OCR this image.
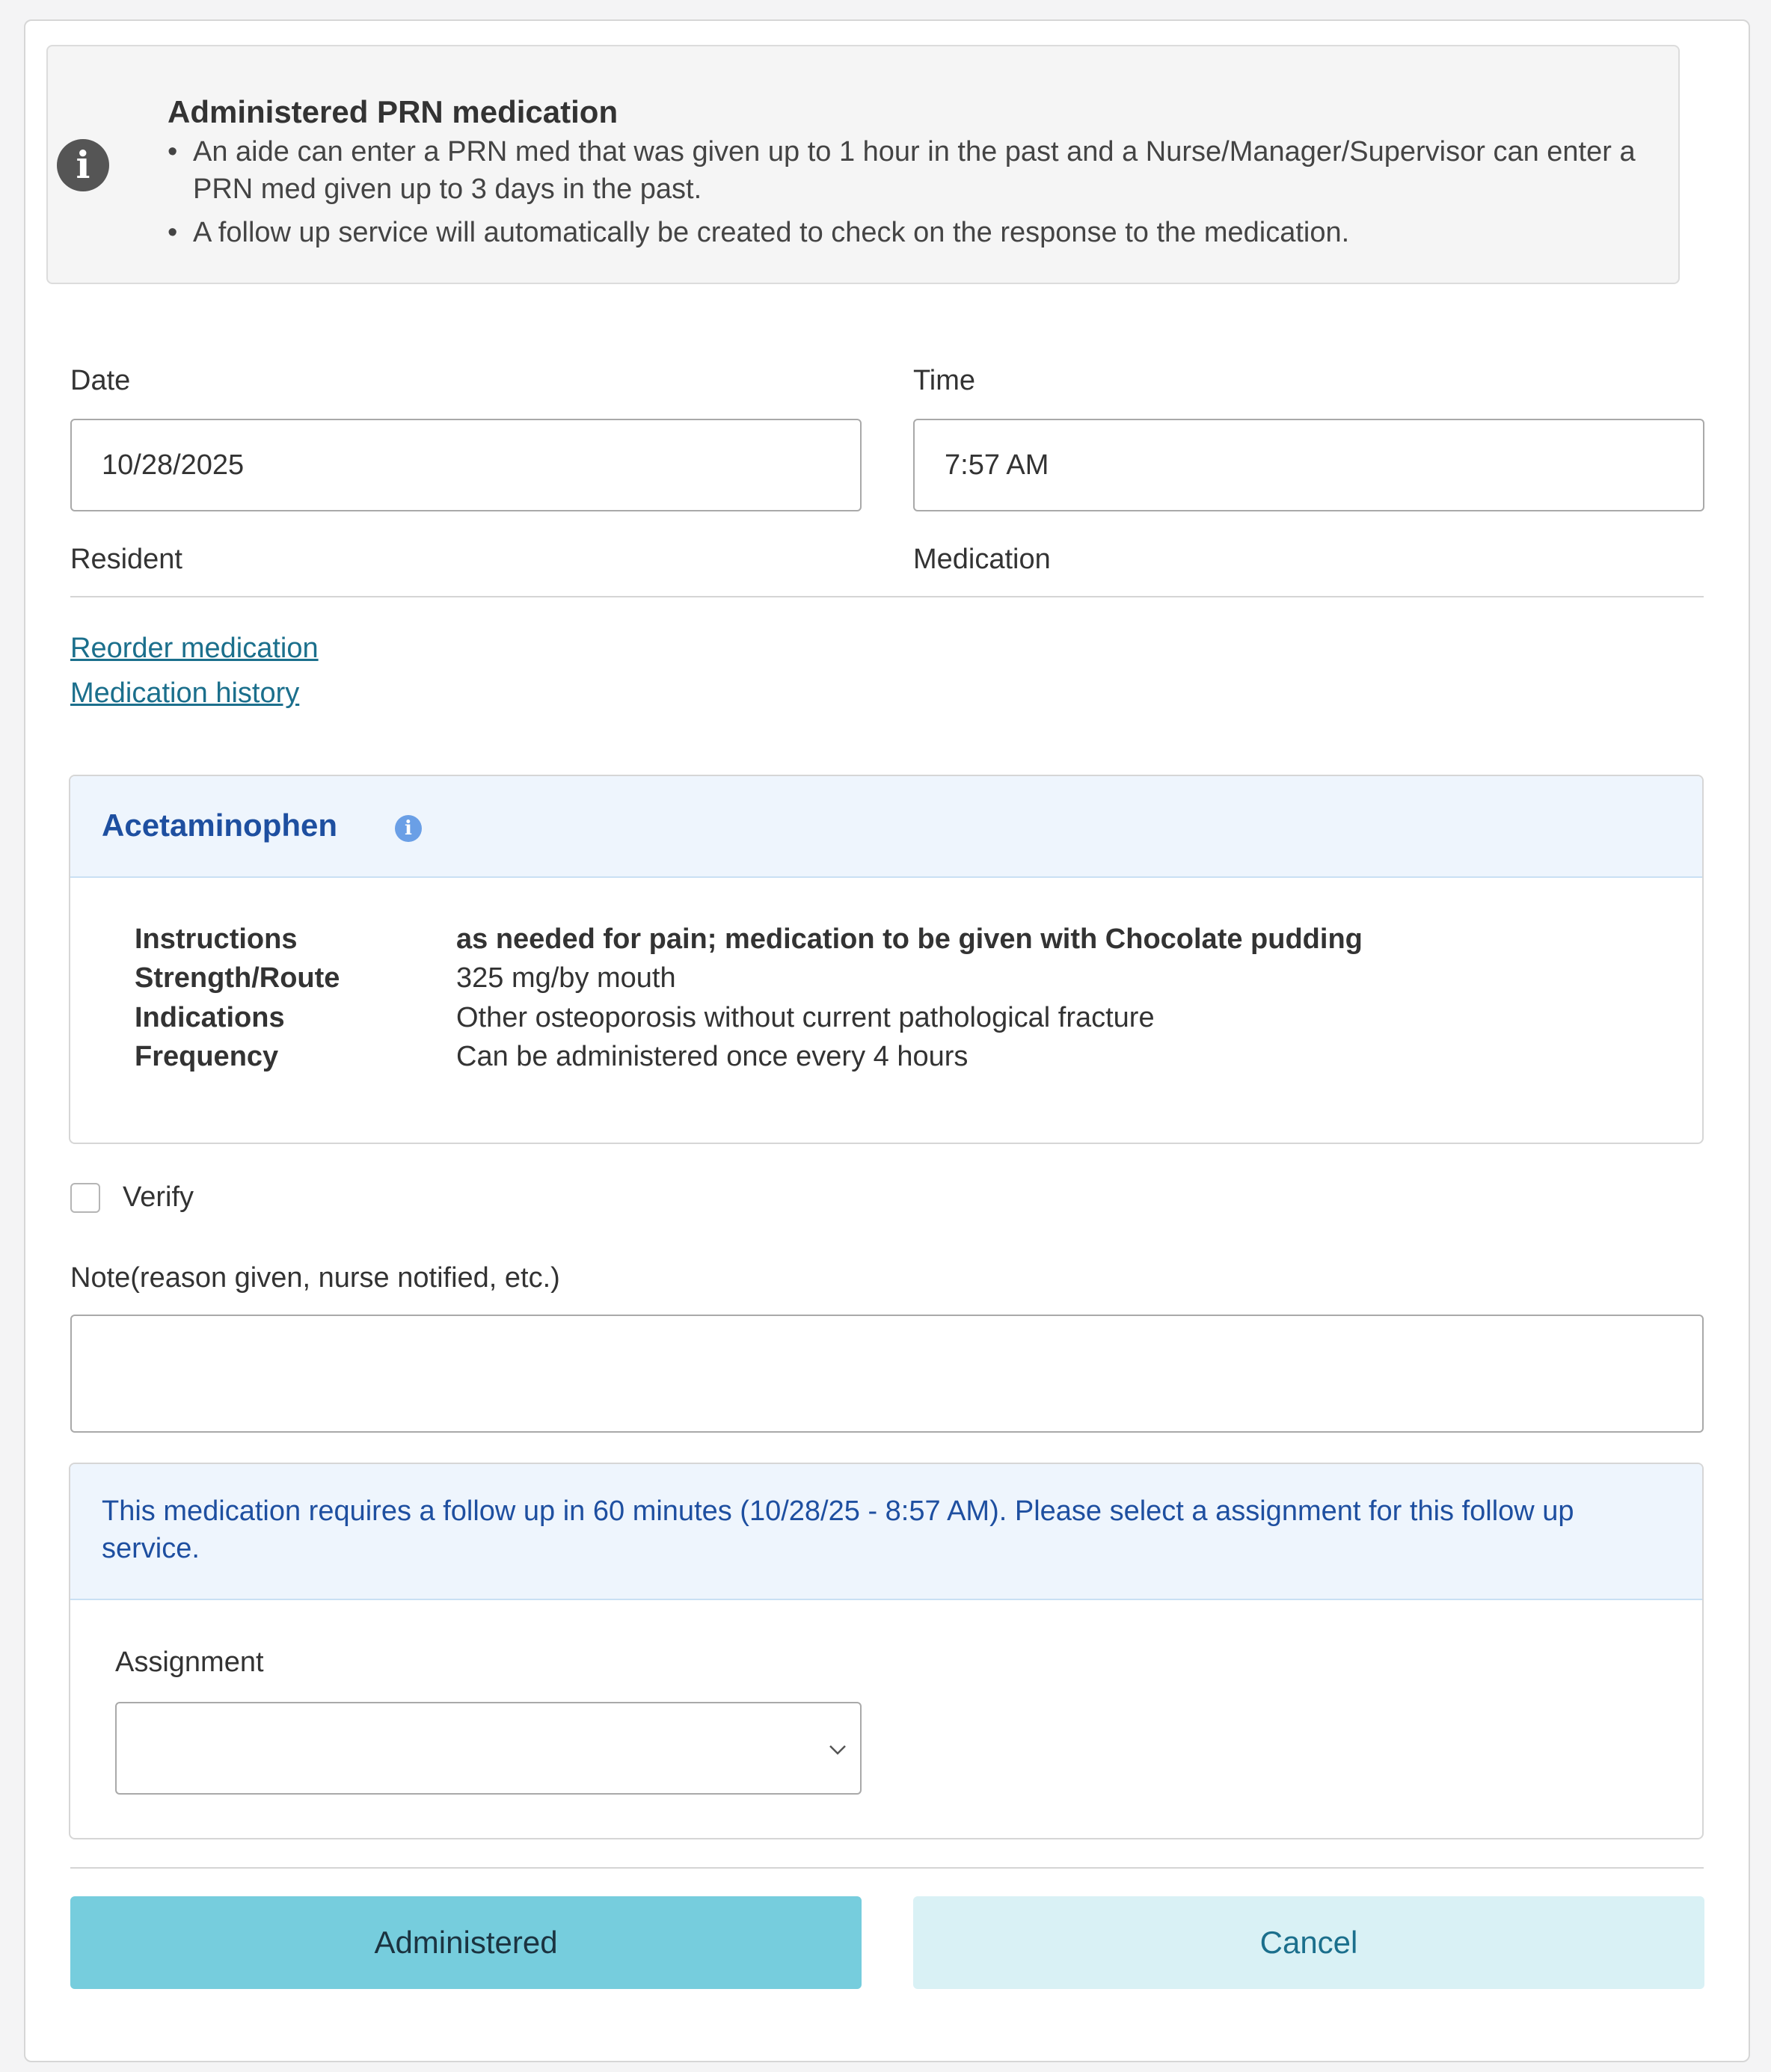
i
Administered PRN medication
• An aide can enter a PRN med that was given up to 1 hour in the past and a Nurse/Manager/Supervisor can enter a PRN med given up to 3 days in the past.
• A follow up service will automatically be created to check on the response to the medication.
Date
10/28/2025
Time
7:57 AM
Resident	Medication
Reorder medication
Medication history
Acetaminophen	i
Instructions	as needed for pain; medication to be given with Chocolate pudding
Strength/Route	325 mg/by mouth
Indications	Other osteoporosis without current pathological fracture
Frequency	Can be administered once every 4 hours
Verify
Note(reason given, nurse notified, etc.)
This medication requires a follow up in 60 minutes (10/28/25 - 8:57 AM). Please select a assignment for this follow up service.
Assignment
Administered	Cancel
